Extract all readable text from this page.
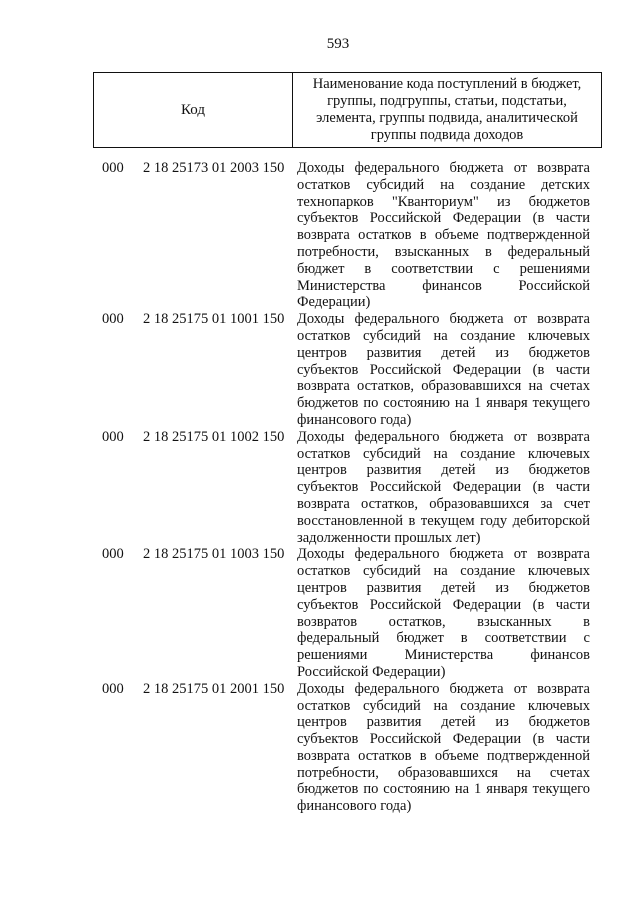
593
Код
Наименование кода поступлений в бюджет, группы, подгруппы, статьи, подстатьи, элемента, группы подвида, аналитической группы подвида доходов
000 2 18 25173 01 2003 150 Доходы федерального бюджета от возврата остатков субсидий на создание детских технопарков "Кванториум" из бюджетов субъектов Российской Федерации (в части возврата остатков в объеме подтвержденной потребности, взысканных в федеральный бюджет в соответствии с решениями Министерства финансов Российской Федерации)
000 2 18 25175 01 1001 150 Доходы федерального бюджета от возврата остатков субсидий на создание ключевых центров развития детей из бюджетов субъектов Российской Федерации (в части возврата остатков, образовавшихся на счетах бюджетов по состоянию на 1 января текущего финансового года)
000 2 18 25175 01 1002 150 Доходы федерального бюджета от возврата остатков субсидий на создание ключевых центров развития детей из бюджетов субъектов Российской Федерации (в части возврата остатков, образовавшихся за счет восстановленной в текущем году дебиторской задолженности прошлых лет)
000 2 18 25175 01 1003 150 Доходы федерального бюджета от возврата остатков субсидий на создание ключевых центров развития детей из бюджетов субъектов Российской Федерации (в части возвратов остатков, взысканных в федеральный бюджет в соответствии с решениями Министерства финансов Российской Федерации)
000 2 18 25175 01 2001 150 Доходы федерального бюджета от возврата остатков субсидий на создание ключевых центров развития детей из бюджетов субъектов Российской Федерации (в части возврата остатков в объеме подтвержденной потребности, образовавшихся на счетах бюджетов по состоянию на 1 января текущего финансового года)
